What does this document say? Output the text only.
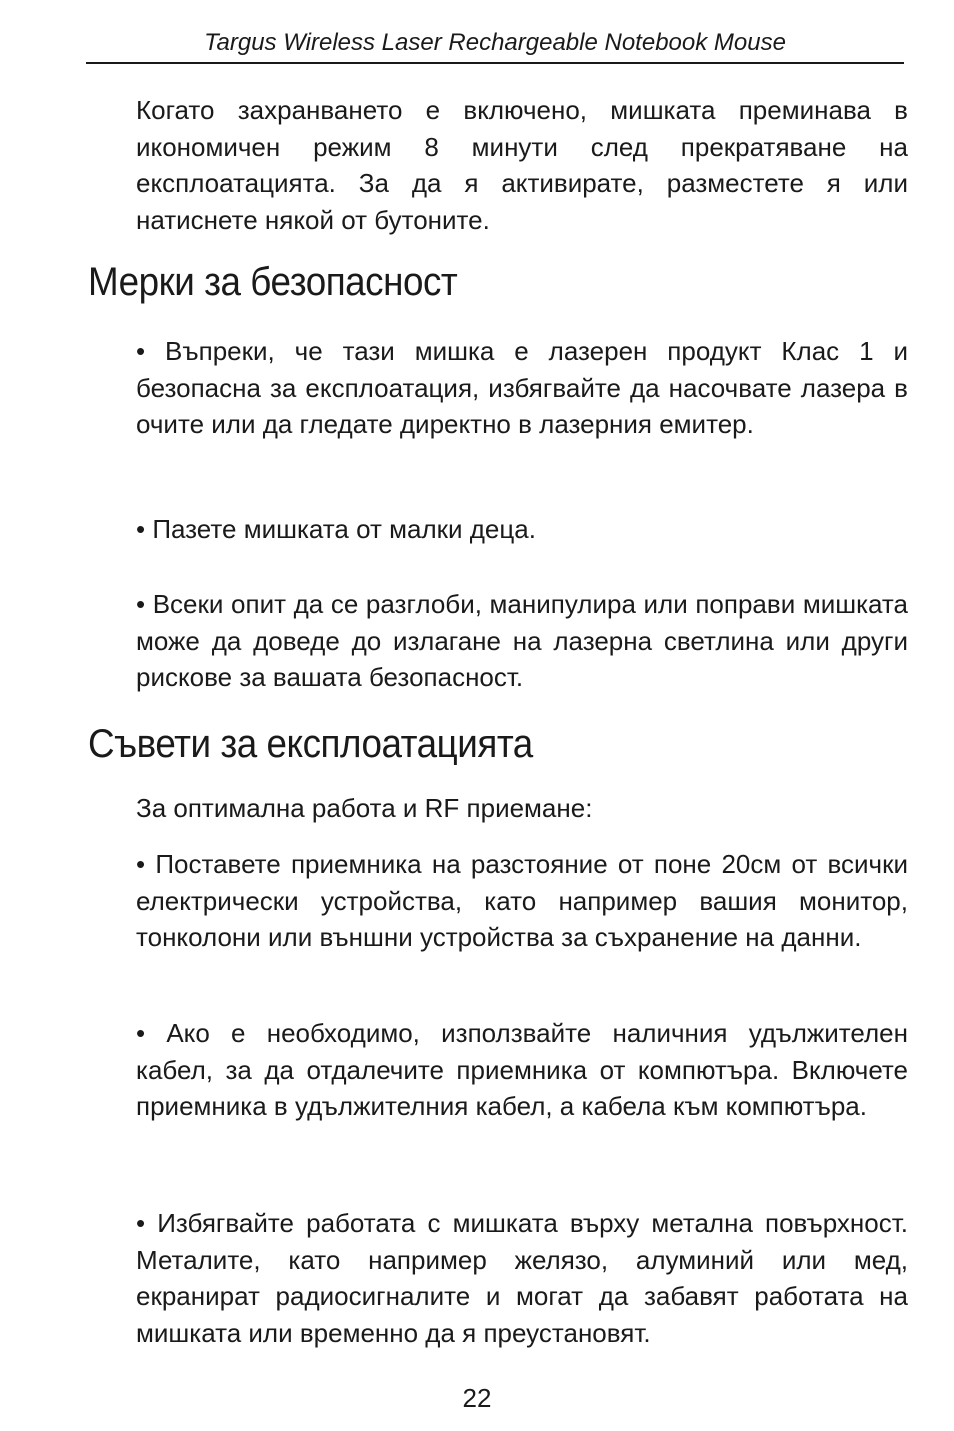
Targus Wireless Laser Rechargeable Notebook Mouse

Когато захранването е включено, мишката преминава в икономичен режим 8 минути след прекратяване на експлоатацията. За да я активирате, разместете я или натиснете някой от бутоните.

Мерки за безопасност

• Въпреки, че тази мишка е лазерен продукт Клас 1 и безопасна за експлоатация, избягвайте да насочвате лазера в очите или да гледате директно в лазерния емитер.

• Пазете мишката от малки деца.

• Всеки опит да се разглоби, манипулира или поправи мишката може да доведе до излагане на лазерна светлина или други рискове за вашата безопасност.

Съвети за експлоатацията

За оптимална работа и RF приемане:

• Поставете приемника на разстояние от поне 20см от всички електрически устройства, като например вашия монитор, тонколони или външни устройства за съхранение на данни.

• Ако е необходимо, използвайте наличния удължителен кабел, за да отдалечите приемника от компютъра. Включете приемника в удължителния кабел, а кабела към компютъра.

• Избягвайте работата с мишката върху метална повърхност. Металите, като например желязо, алуминий или мед, екранират радиосигналите и могат да забавят работата на мишката или временно да я преустановят.

22
